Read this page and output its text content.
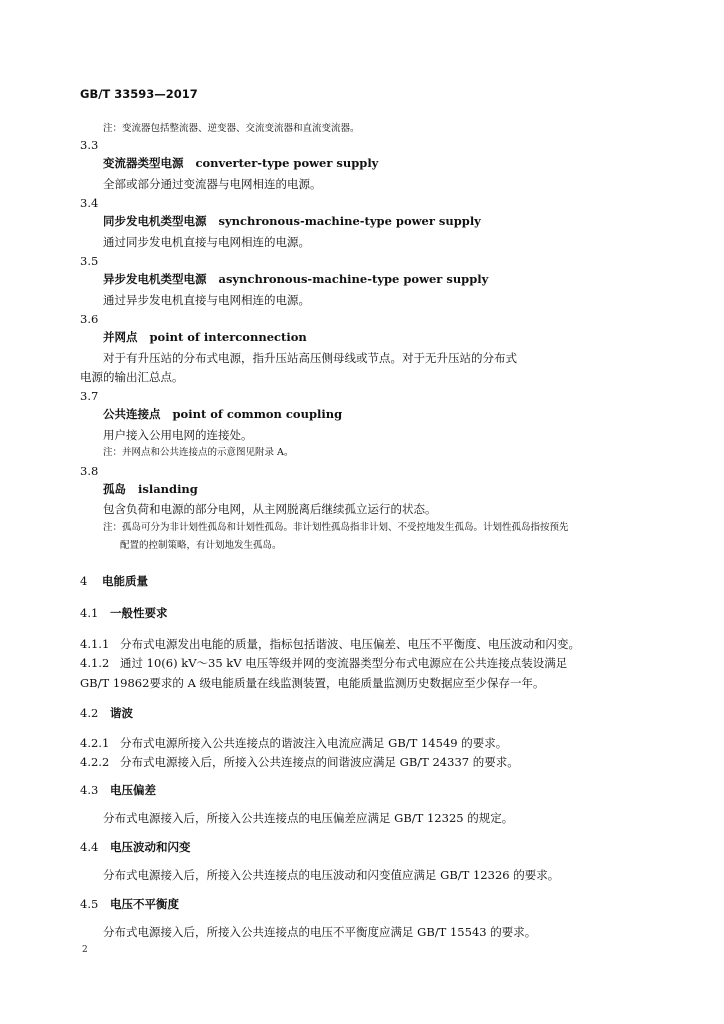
GB/T 33593—2017
注：变流器包括整流器、逆变器、交流变流器和直流变流器。
3.3
变流器类型电源 converter-type power supply
全部或部分通过变流器与电网相连的电源。
3.4
同步发电机类型电源 synchronous-machine-type power supply
通过同步发电机直接与电网相连的电源。
3.5
异步发电机类型电源 asynchronous-machine-type power supply
通过异步发电机直接与电网相连的电源。
3.6
并网点 point of interconnection
对于有升压站的分布式电源，指升压站高压侧母线或节点。对于无升压站的分布式
电源的输出汇总点。
3.7
公共连接点 point of common coupling
用户接入公用电网的连接处。
注：并网点和公共连接点的示意图见附录 A。
3.8
孤岛 islanding
包含负荷和电源的部分电网，从主网脱离后继续孤立运行的状态。
注：孤岛可分为非计划性孤岛和计划性孤岛。非计划性孤岛指非计划、不受控地发生孤岛。计划性孤岛指按预先
配置的控制策略，有计划地发生孤岛。
4 电能质量
4.1 一般性要求
4.1.1 分布式电源发出电能的质量，指标包括谐波、电压偏差、电压不平衡度、电压波动和闪变。
4.1.2 通过 10(6) kV～35 kV 电压等级并网的变流器类型分布式电源应在公共连接点装设满足
GB/T 19862要求的 A 级电能质量在线监测装置，电能质量监测历史数据应至少保存一年。
4.2 谐波
4.2.1 分布式电源所接入公共连接点的谐波注入电流应满足 GB/T 14549 的要求。
4.2.2 分布式电源接入后，所接入公共连接点的间谐波应满足 GB/T 24337 的要求。
4.3 电压偏差
分布式电源接入后，所接入公共连接点的电压偏差应满足 GB/T 12325 的规定。
4.4 电压波动和闪变
分布式电源接入后，所接入公共连接点的电压波动和闪变值应满足 GB/T 12326 的要求。
4.5 电压不平衡度
分布式电源接入后，所接入公共连接点的电压不平衡度应满足 GB/T 15543 的要求。
2
